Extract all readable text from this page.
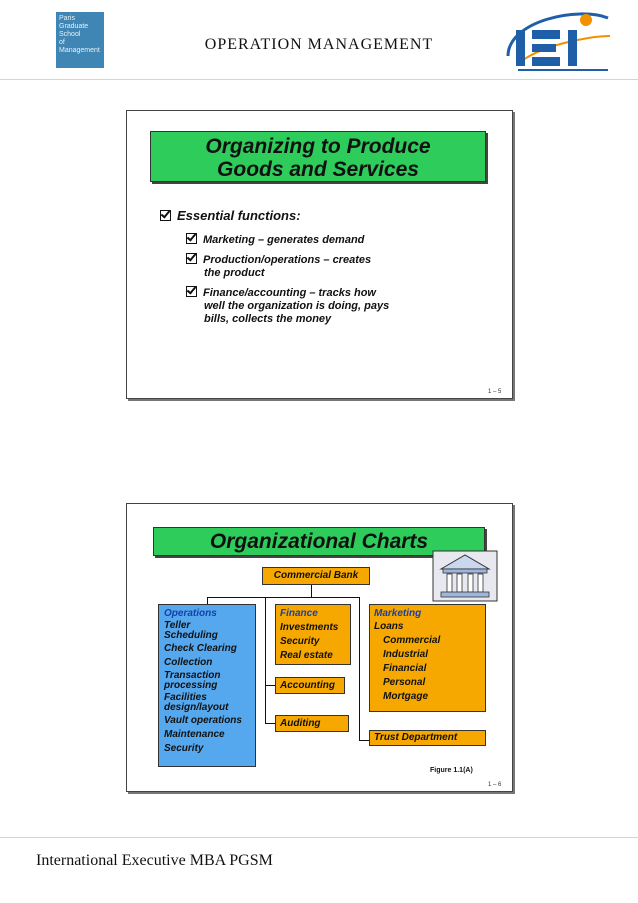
Paris
Graduate
School
of
Management	OPERATION MANAGEMENT
Organizing to Produce
Goods and Services
Essential functions:
Marketing – generates demand
Production/operations – creates
the product
Finance/accounting – tracks how
well the organization is doing, pays
bills, collects the money
1 – 5
Organizational Charts
Commercial Bank
Operations
Teller
Scheduling
Check Clearing
Collection
Transaction
processing
Facilities
design/layout
Vault operations
Maintenance
Security
Finance
Investments
Security
Real estate
Accounting
Auditing
Marketing
Loans
Commercial
Industrial
Financial
Personal
Mortgage
Trust Department
Figure 1.1(A)
1 – 6
International Executive MBA PGSM
